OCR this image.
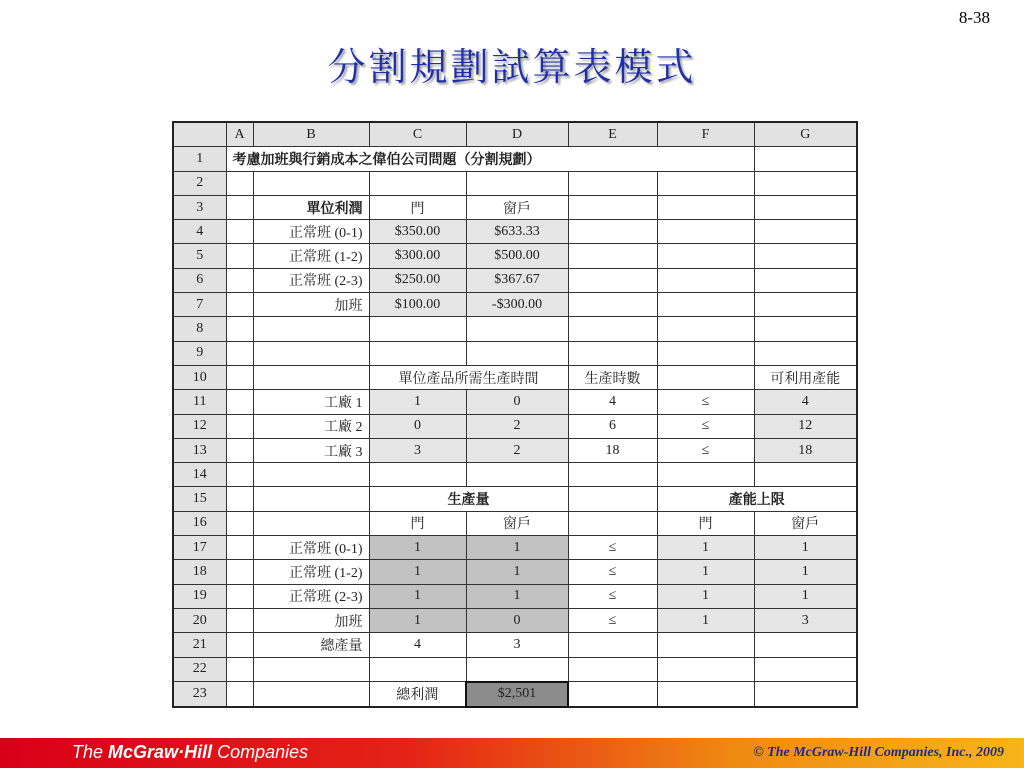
8-38
分割規劃試算表模式
	A	B	C	D	E	F	G
1	考慮加班與行銷成本之偉伯公司問題（分割規劃）						
2							
3		單位利潤	門	窗戶			
4		正常班 (0-1)	$350.00	$633.33			
5		正常班 (1-2)	$300.00	$500.00			
6		正常班 (2-3)	$250.00	$367.67			
7		加班	$100.00	-$300.00			
8							
9							
10			單位產品所需生產時間		生產時數		可利用產能
11		工廠 1	1	0	4	≤	4
12		工廠 2	0	2	6	≤	12
13		工廠 3	3	2	18	≤	18
14							
15			生產量			產能上限	
16			門	窗戶		門	窗戶
17		正常班 (0-1)	1	1	≤	1	1
18		正常班 (1-2)	1	1	≤	1	1
19		正常班 (2-3)	1	1	≤	1	1
20		加班	1	0	≤	1	3
21		總產量	4	3			
22							
23			總利潤	$2,501			
The McGraw·Hill Companies	© The McGraw-Hill Companies, Inc., 2009
